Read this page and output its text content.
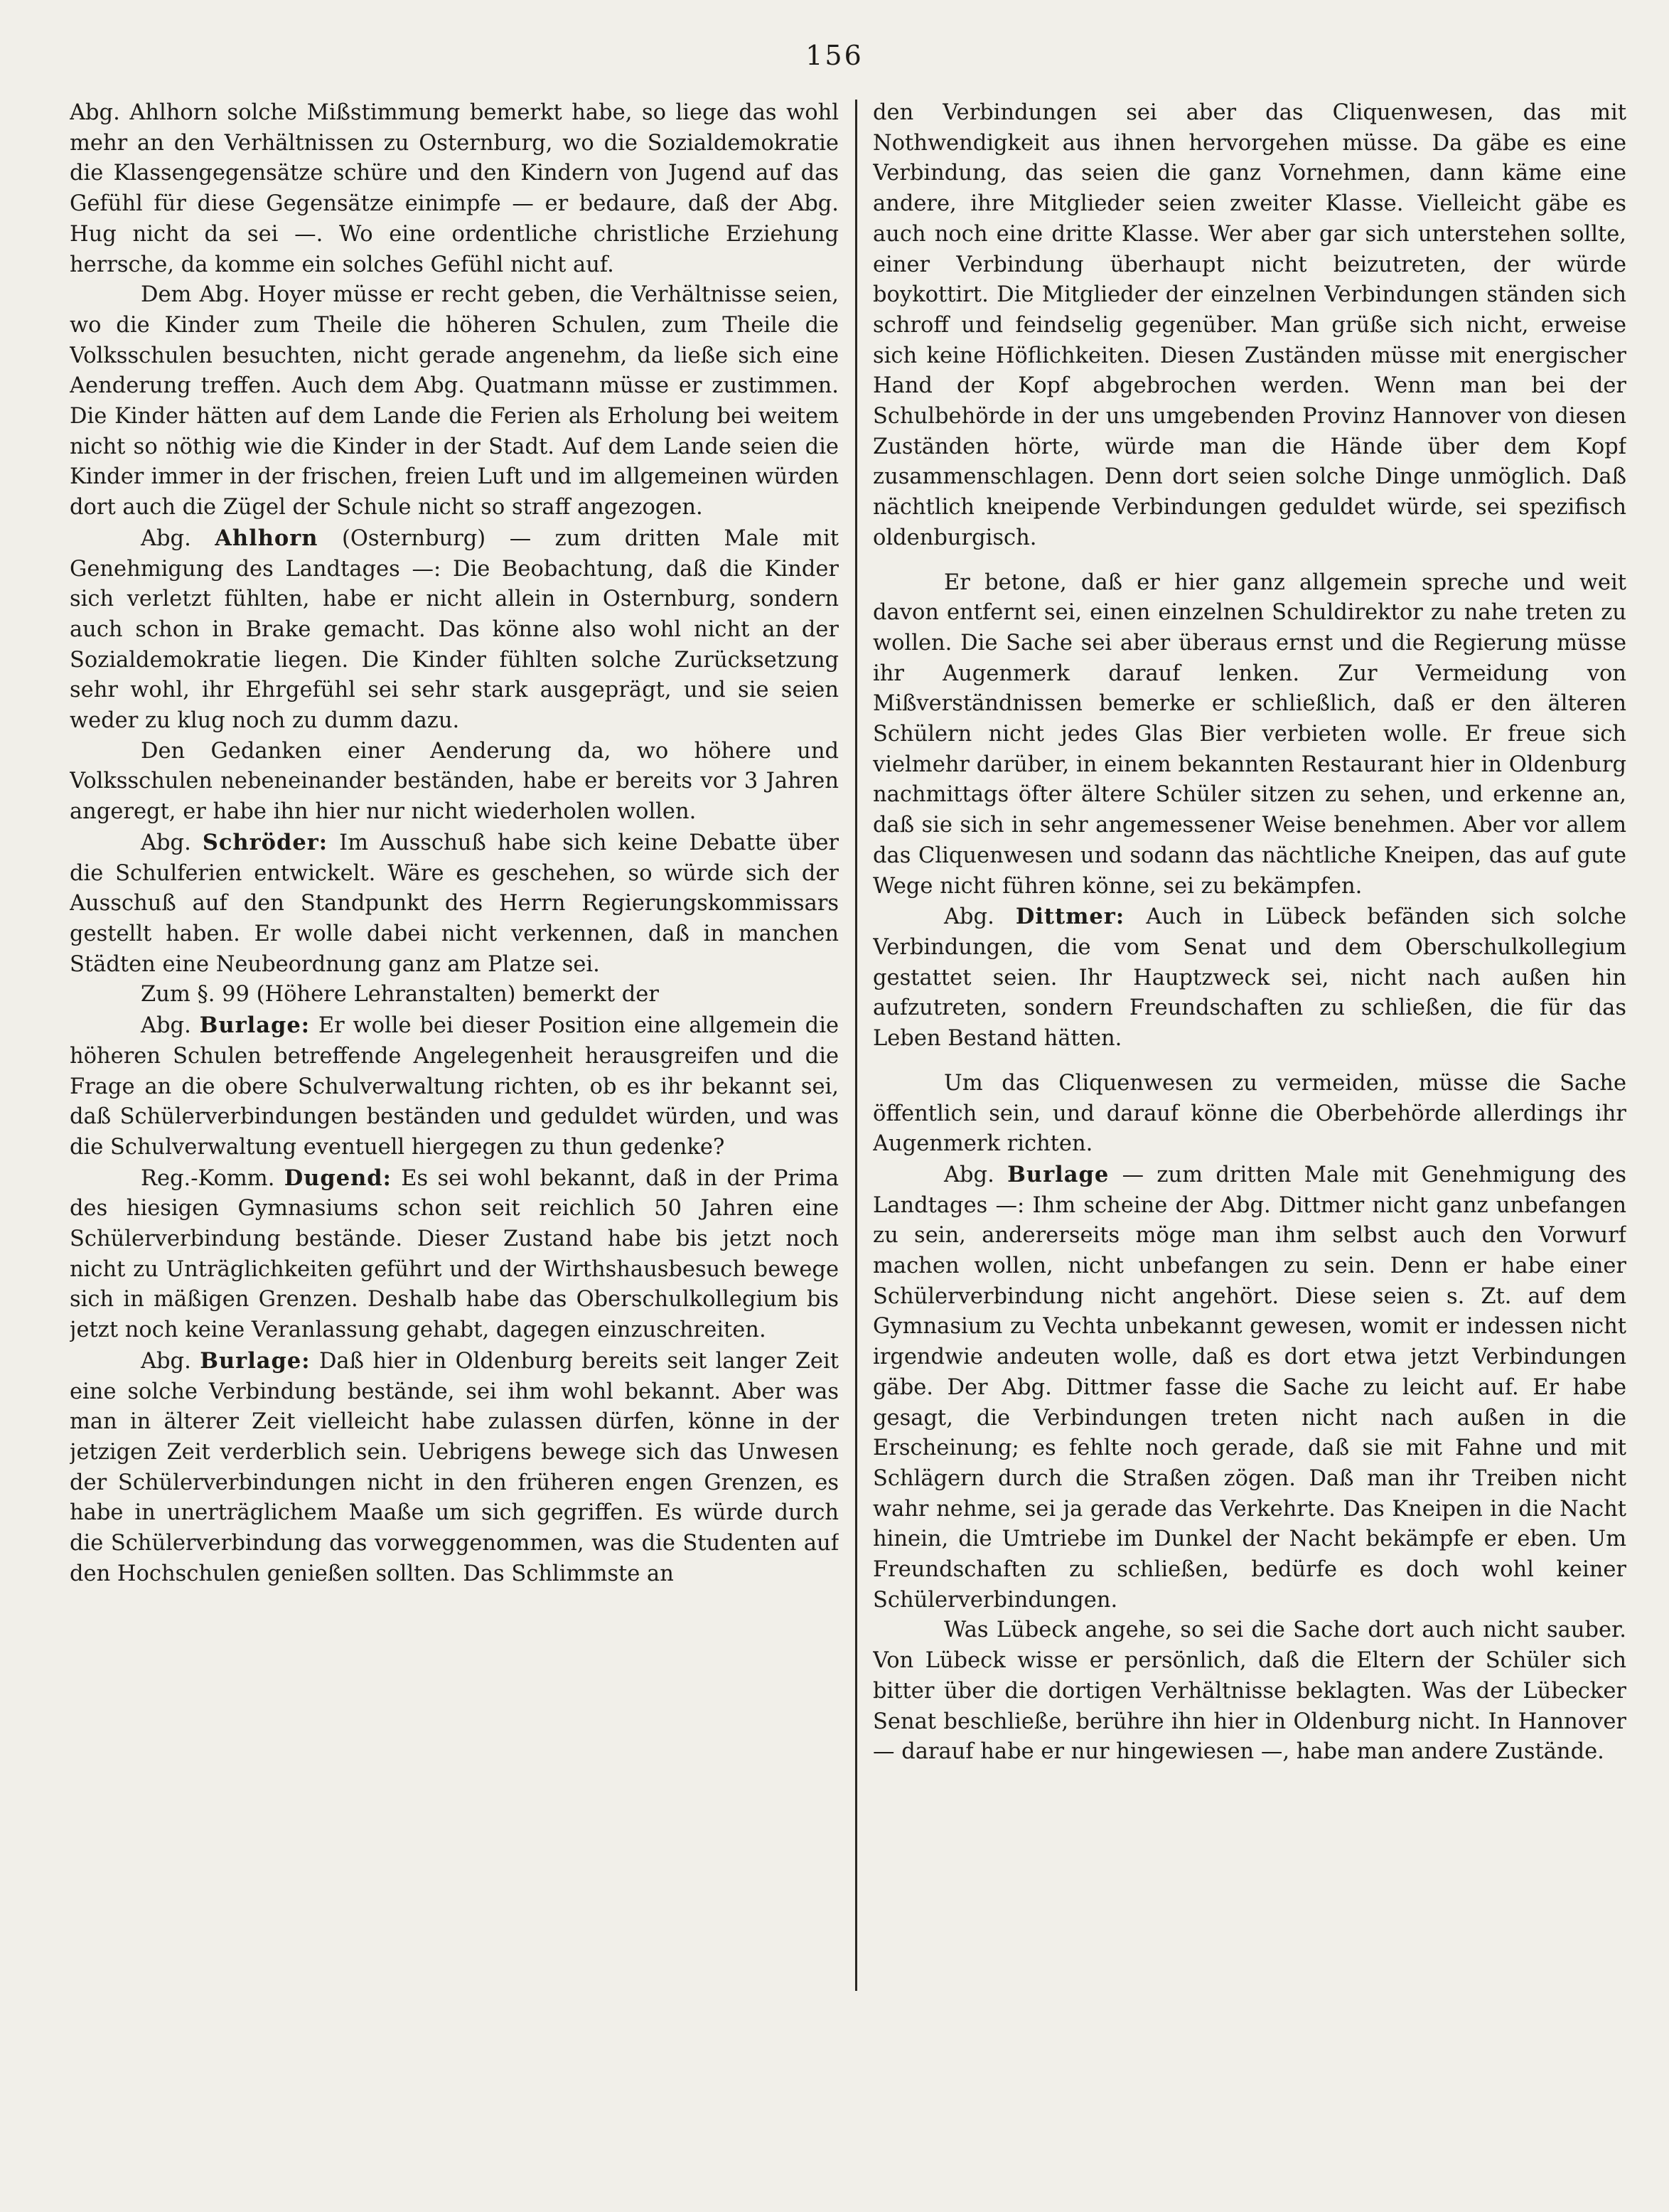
156

Abg. Ahlhorn solche Mißstimmung bemerkt habe, so liege das wohl mehr an den Verhältnissen zu Osternburg, wo die Sozialdemokratie die Klassengegensätze schüre und den Kindern von Jugend auf das Gefühl für diese Gegensätze einimpfe — er bedaure, daß der Abg. Hug nicht da sei —. Wo eine ordentliche christliche Erziehung herrsche, da komme ein solches Gefühl nicht auf.

Dem Abg. Hoyer müsse er recht geben, die Verhältnisse seien, wo die Kinder zum Theile die höheren Schulen, zum Theile die Volksschulen besuchten, nicht gerade angenehm, da ließe sich eine Aenderung treffen. Auch dem Abg. Quatmann müsse er zustimmen. Die Kinder hätten auf dem Lande die Ferien als Erholung bei weitem nicht so nöthig wie die Kinder in der Stadt. Auf dem Lande seien die Kinder immer in der frischen, freien Luft und im allgemeinen würden dort auch die Zügel der Schule nicht so straff angezogen.

Abg. Ahlhorn (Osternburg) — zum dritten Male mit Genehmigung des Landtages —: Die Beobachtung, daß die Kinder sich verletzt fühlten, habe er nicht allein in Osternburg, sondern auch schon in Brake gemacht. Das könne also wohl nicht an der Sozialdemokratie liegen. Die Kinder fühlten solche Zurücksetzung sehr wohl, ihr Ehrgefühl sei sehr stark ausgeprägt, und sie seien weder zu klug noch zu dumm dazu.

Den Gedanken einer Aenderung da, wo höhere und Volksschulen nebeneinander beständen, habe er bereits vor 3 Jahren angeregt, er habe ihn hier nur nicht wiederholen wollen.

Abg. Schröder: Im Ausschuß habe sich keine Debatte über die Schulferien entwickelt. Wäre es geschehen, so würde sich der Ausschuß auf den Standpunkt des Herrn Regierungskommissars gestellt haben. Er wolle dabei nicht verkennen, daß in manchen Städten eine Neubeordnung ganz am Platze sei.

Zum §. 99 (Höhere Lehranstalten) bemerkt der

Abg. Burlage: Er wolle bei dieser Position eine allgemein die höheren Schulen betreffende Angelegenheit herausgreifen und die Frage an die obere Schulverwaltung richten, ob es ihr bekannt sei, daß Schülerverbindungen beständen und geduldet würden, und was die Schulverwaltung eventuell hiergegen zu thun gedenke?

Reg.-Komm. Dugend: Es sei wohl bekannt, daß in der Prima des hiesigen Gymnasiums schon seit reichlich 50 Jahren eine Schülerverbindung bestände. Dieser Zustand habe bis jetzt noch nicht zu Unträglichkeiten geführt und der Wirthshausbesuch bewege sich in mäßigen Grenzen. Deshalb habe das Oberschulkollegium bis jetzt noch keine Veranlassung gehabt, dagegen einzuschreiten.

Abg. Burlage: Daß hier in Oldenburg bereits seit langer Zeit eine solche Verbindung bestände, sei ihm wohl bekannt. Aber was man in älterer Zeit vielleicht habe zulassen dürfen, könne in der jetzigen Zeit verderblich sein. Uebrigens bewege sich das Unwesen der Schülerverbindungen nicht in den früheren engen Grenzen, es habe in unerträglichem Maaße um sich gegriffen. Es würde durch die Schülerverbindung das vorweggenommen, was die Studenten auf den Hochschulen genießen sollten. Das Schlimmste an

den Verbindungen sei aber das Cliquenwesen, das mit Nothwendigkeit aus ihnen hervorgehen müsse. Da gäbe es eine Verbindung, das seien die ganz Vornehmen, dann käme eine andere, ihre Mitglieder seien zweiter Klasse. Vielleicht gäbe es auch noch eine dritte Klasse. Wer aber gar sich unterstehen sollte, einer Verbindung überhaupt nicht beizutreten, der würde boykottirt. Die Mitglieder der einzelnen Verbindungen ständen sich schroff und feindselig gegenüber. Man grüße sich nicht, erweise sich keine Höflichkeiten. Diesen Zuständen müsse mit energischer Hand der Kopf abgebrochen werden. Wenn man bei der Schulbehörde in der uns umgebenden Provinz Hannover von diesen Zuständen hörte, würde man die Hände über dem Kopf zusammenschlagen. Denn dort seien solche Dinge unmöglich. Daß nächtlich kneipende Verbindungen geduldet würde, sei spezifisch oldenburgisch.

Er betone, daß er hier ganz allgemein spreche und weit davon entfernt sei, einen einzelnen Schuldirektor zu nahe treten zu wollen. Die Sache sei aber überaus ernst und die Regierung müsse ihr Augenmerk darauf lenken. Zur Vermeidung von Mißverständnissen bemerke er schließlich, daß er den älteren Schülern nicht jedes Glas Bier verbieten wolle. Er freue sich vielmehr darüber, in einem bekannten Restaurant hier in Oldenburg nachmittags öfter ältere Schüler sitzen zu sehen, und erkenne an, daß sie sich in sehr angemessener Weise benehmen. Aber vor allem das Cliquenwesen und sodann das nächtliche Kneipen, das auf gute Wege nicht führen könne, sei zu bekämpfen.

Abg. Dittmer: Auch in Lübeck befänden sich solche Verbindungen, die vom Senat und dem Oberschulkollegium gestattet seien. Ihr Hauptzweck sei, nicht nach außen hin aufzutreten, sondern Freundschaften zu schließen, die für das Leben Bestand hätten.

Um das Cliquenwesen zu vermeiden, müsse die Sache öffentlich sein, und darauf könne die Oberbehörde allerdings ihr Augenmerk richten.

Abg. Burlage — zum dritten Male mit Genehmigung des Landtages —: Ihm scheine der Abg. Dittmer nicht ganz unbefangen zu sein, andererseits möge man ihm selbst auch den Vorwurf machen wollen, nicht unbefangen zu sein. Denn er habe einer Schülerverbindung nicht angehört. Diese seien s. Zt. auf dem Gymnasium zu Vechta unbekannt gewesen, womit er indessen nicht irgendwie andeuten wolle, daß es dort etwa jetzt Verbindungen gäbe. Der Abg. Dittmer fasse die Sache zu leicht auf. Er habe gesagt, die Verbindungen treten nicht nach außen in die Erscheinung; es fehlte noch gerade, daß sie mit Fahne und mit Schlägern durch die Straßen zögen. Daß man ihr Treiben nicht wahr nehme, sei ja gerade das Verkehrte. Das Kneipen in die Nacht hinein, die Umtriebe im Dunkel der Nacht bekämpfe er eben. Um Freundschaften zu schließen, bedürfe es doch wohl keiner Schülerverbindungen.

Was Lübeck angehe, so sei die Sache dort auch nicht sauber. Von Lübeck wisse er persönlich, daß die Eltern der Schüler sich bitter über die dortigen Verhältnisse beklagten. Was der Lübecker Senat beschließe, berühre ihn hier in Oldenburg nicht. In Hannover — darauf habe er nur hingewiesen —, habe man andere Zustände.
